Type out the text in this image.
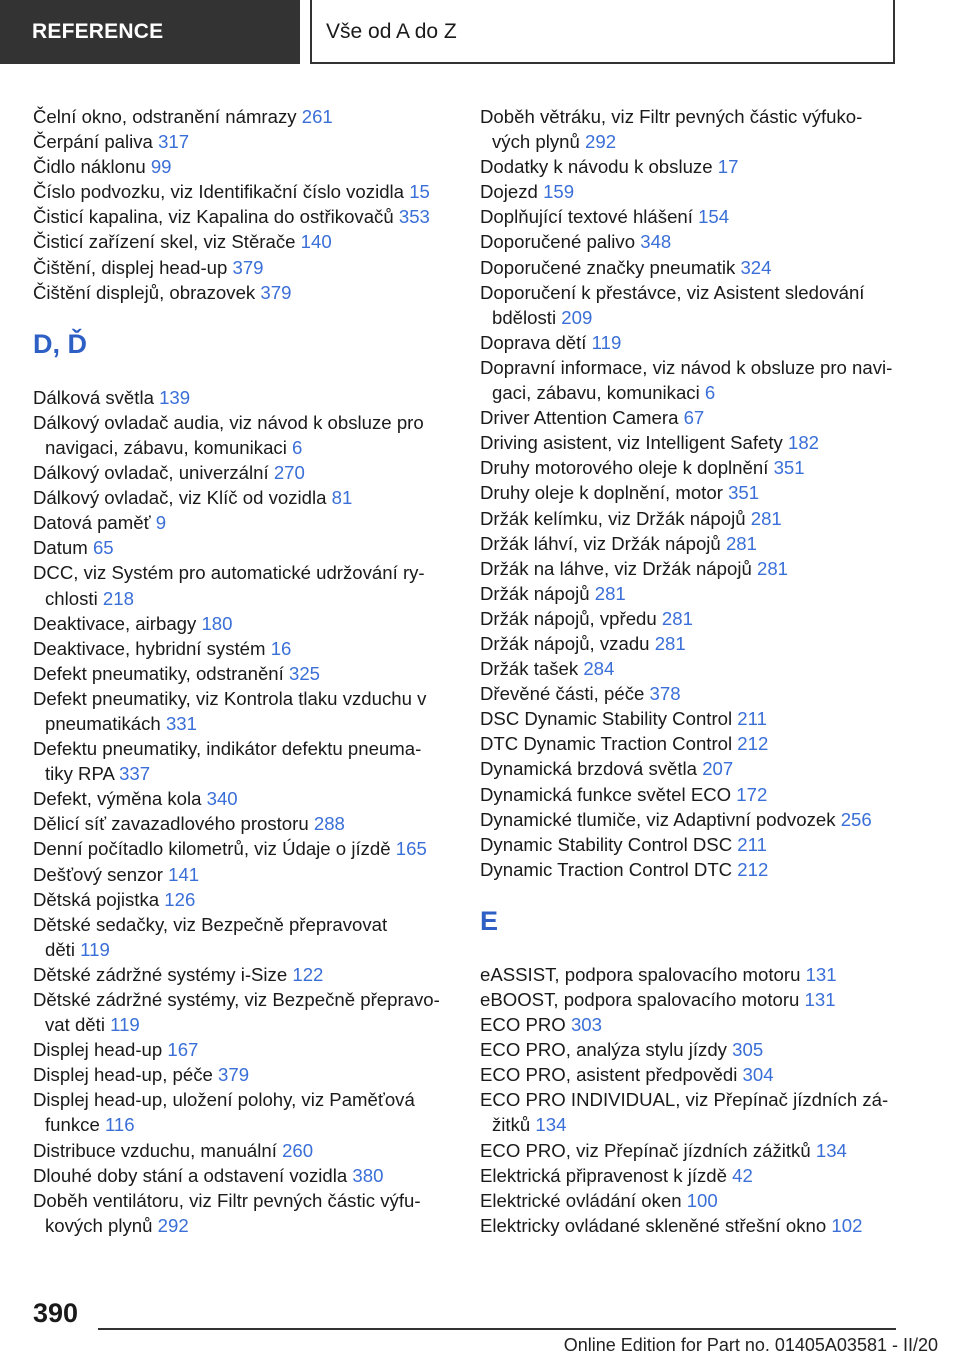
REFERENCE	Vše od A do Z
Čelní okno, odstranění námrazy 261
Čerpání paliva 317
Čidlo náklonu 99
Číslo podvozku, viz Identifikační číslo vozidla 15
Čisticí kapalina, viz Kapalina do ostřikovačů 353
Čisticí zařízení skel, viz Stěrače 140
Čištění, displej head-up 379
Čištění displejů, obrazovek 379
D, Ď
Dálková světla 139
Dálkový ovladač audia, viz návod k obsluze pro
navigaci, zábavu, komunikaci 6
Dálkový ovladač, univerzální 270
Dálkový ovladač, viz Klíč od vozidla 81
Datová paměť 9
Datum 65
DCC, viz Systém pro automatické udržování ry-
chlosti 218
Deaktivace, airbagy 180
Deaktivace, hybridní systém 16
Defekt pneumatiky, odstranění 325
Defekt pneumatiky, viz Kontrola tlaku vzduchu v
pneumatikách 331
Defektu pneumatiky, indikátor defektu pneuma-
tiky RPA 337
Defekt, výměna kola 340
Dělicí síť zavazadlového prostoru 288
Denní počítadlo kilometrů, viz Údaje o jízdě 165
Dešťový senzor 141
Dětská pojistka 126
Dětské sedačky, viz Bezpečně přepravovat
děti 119
Dětské zádržné systémy i-Size 122
Dětské zádržné systémy, viz Bezpečně přepravo-
vat děti 119
Displej head-up 167
Displej head-up, péče 379
Displej head-up, uložení polohy, viz Paměťová
funkce 116
Distribuce vzduchu, manuální 260
Dlouhé doby stání a odstavení vozidla 380
Doběh ventilátoru, viz Filtr pevných částic výfu-
kových plynů 292
Doběh větráku, viz Filtr pevných částic výfuko-
vých plynů 292
Dodatky k návodu k obsluze 17
Dojezd 159
Doplňující textové hlášení 154
Doporučené palivo 348
Doporučené značky pneumatik 324
Doporučení k přestávce, viz Asistent sledování
bdělosti 209
Doprava dětí 119
Dopravní informace, viz návod k obsluze pro navi-
gaci, zábavu, komunikaci 6
Driver Attention Camera 67
Driving asistent, viz Intelligent Safety 182
Druhy motorového oleje k doplnění 351
Druhy oleje k doplnění, motor 351
Držák kelímku, viz Držák nápojů 281
Držák láhví, viz Držák nápojů 281
Držák na láhve, viz Držák nápojů 281
Držák nápojů 281
Držák nápojů, vpředu 281
Držák nápojů, vzadu 281
Držák tašek 284
Dřevěné části, péče 378
DSC Dynamic Stability Control 211
DTC Dynamic Traction Control 212
Dynamická brzdová světla 207
Dynamická funkce světel ECO 172
Dynamické tlumiče, viz Adaptivní podvozek 256
Dynamic Stability Control DSC 211
Dynamic Traction Control DTC 212
E
eASSIST, podpora spalovacího motoru 131
eBOOST, podpora spalovacího motoru 131
ECO PRO 303
ECO PRO, analýza stylu jízdy 305
ECO PRO, asistent předpovědi 304
ECO PRO INDIVIDUAL, viz Přepínač jízdních zá-
žitků 134
ECO PRO, viz Přepínač jízdních zážitků 134
Elektrická připravenost k jízdě 42
Elektrické ovládání oken 100
Elektricky ovládané skleněné střešní okno 102
390
Online Edition for Part no. 01405A03581 - II/20
